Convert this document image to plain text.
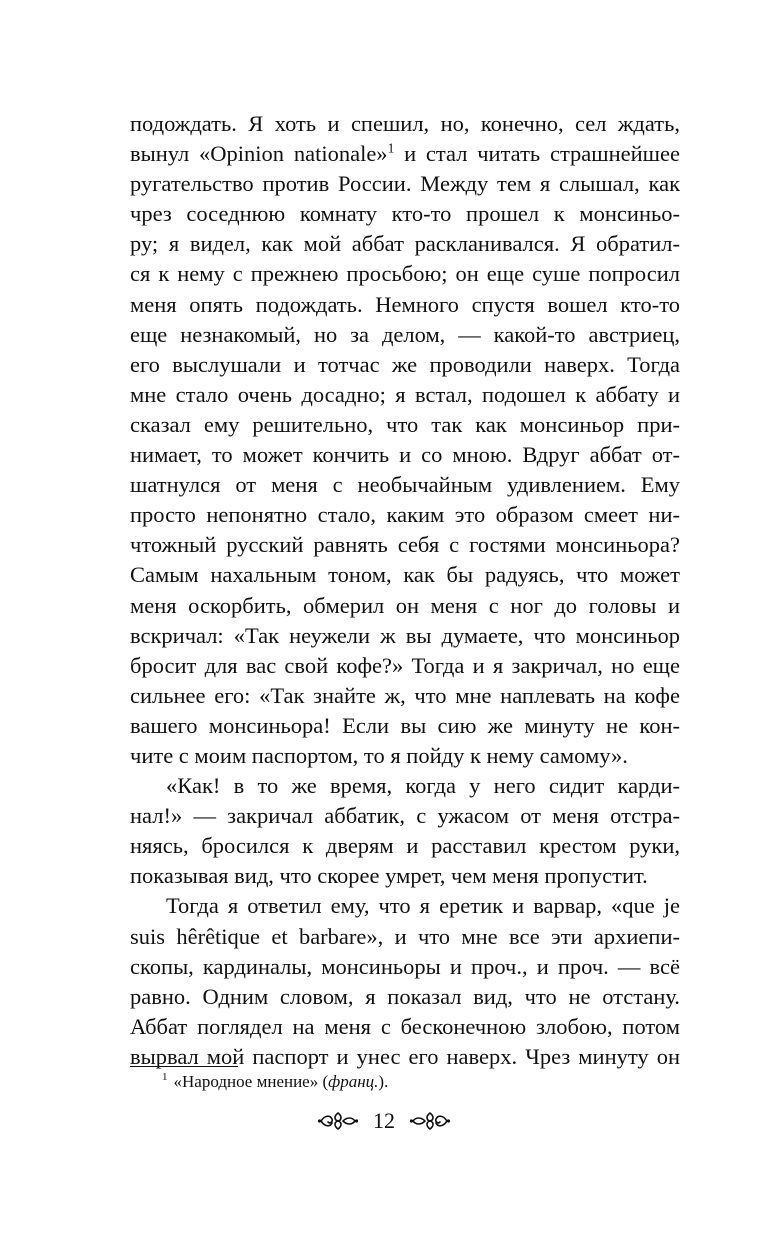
подождать. Я хоть и спешил, но, конечно, сел ждать,
вынул «Opinion nationale»$^1$ и стал читать страшнейшее
ругательство против России. Между тем я слышал, как
чрез соседнюю комнату кто-то прошел к монсиньо-
ру; я видел, как мой аббат раскланивался. Я обратил-
ся к нему с прежнею просьбою; он еще суше попросил
меня опять подождать. Немного спустя вошел кто-то
еще незнакомый, но за делом, — какой-то австриец,
его выслушали и тотчас же проводили наверх. Тогда
мне стало очень досадно; я встал, подошел к аббату и
сказал ему решительно, что так как монсиньор при-
нимает, то может кончить и со мною. Вдруг аббат от-
шатнулся от меня с необычайным удивлением. Ему
просто непонятно стало, каким это образом смеет ни-
чтожный русский равнять себя с гостями монсиньора?
Самым нахальным тоном, как бы радуясь, что может
меня оскорбить, обмерил он меня с ног до головы и
вскричал: «Так неужели ж вы думаете, что монсиньор
бросит для вас свой кофе?» Тогда и я закричал, но еще
сильнее его: «Так знайте ж, что мне наплевать на кофе
вашего монсиньора! Если вы сию же минуту не кон-
чите с моим паспортом, то я пойду к нему самому».
«Как! в то же время, когда у него сидит карди-
нал!» — закричал аббатик, с ужасом от меня отстра-
няясь, бросился к дверям и расставил крестом руки,
показывая вид, что скорее умрет, чем меня пропустит.
Тогда я ответил ему, что я еретик и варвар, «que je
suis hêrêtique et barbare», и что мне все эти архиепи-
скопы, кардиналы, монсиньоры и проч., и проч. — всё
равно. Одним словом, я показал вид, что не отстану.
Аббат поглядел на меня с бесконечною злобою, потом
вырвал мой паспорт и унес его наверх. Чрез минуту он
$^1$ «Народное мнение» (франц.).
12
